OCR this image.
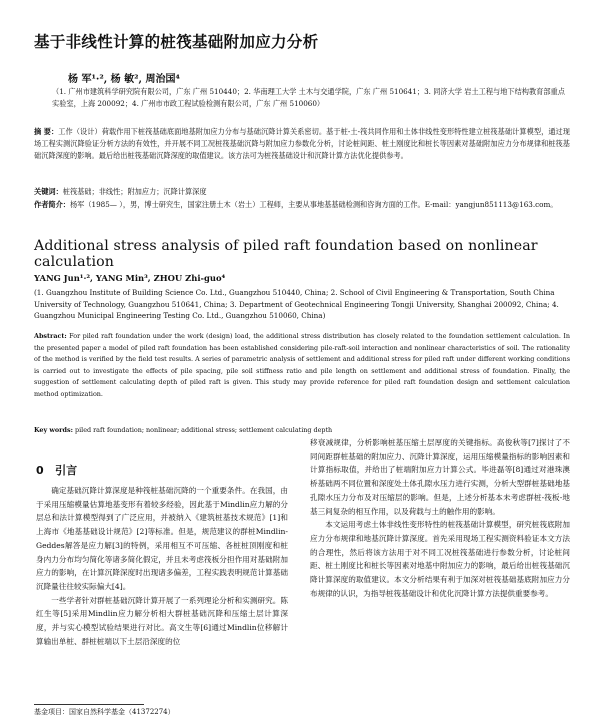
基于非线性计算的桩筏基础附加应力分析
杨 军¹·², 杨 敏², 周治国⁴
（1. 广州市建筑科学研究院有限公司，广东 广州 510440；2. 华南理工大学 土木与交通学院，广东 广州 510641；3. 同济大学 岩土工程与地下结构教育部重点实验室，上海 200092；4. 广州市市政工程试验检测有限公司，广东 广州 510060）
摘 要：工作（设计）荷载作用下桩筏基础底面地基附加应力分布与基础沉降计算关系密切。基于桩-土-筏共同作用和土体非线性变形特性建立桩筏基础计算模型，通过现场工程实测沉降验证分析方法的有效性，并开展不同工况桩筏基础沉降与附加应力参数化分析，讨论桩间距、桩土刚度比和桩长等因素对基础附加应力分布规律和桩筏基础沉降深度的影响。最后给出桩筏基础沉降深度的取值建议。该方法可为桩筏基础设计和沉降计算方法优化提供参考。
关键词：桩筏基础；非线性；附加应力；沉降计算深度
作者简介：杨军（1985— ），男，博士研究生，国家注册土木（岩土）工程师，主要从事地基基础检测和咨询方面的工作。E-mail：yangjun851113@163.com。
Additional stress analysis of piled raft foundation based on nonlinear calculation
YANG Jun¹·², YANG Min³, ZHOU Zhi-guo⁴
(1. Guangzhou Institute of Building Science Co. Ltd., Guangzhou 510440, China; 2. School of Civil Engineering & Transportation, South China University of Technology, Guangzhou 510641, China; 3. Department of Geotechnical Engineering Tongji University, Shanghai 200092, China; 4. Guangzhou Municipal Engineering Testing Co. Ltd., Guangzhou 510060, China)
Abstract: For piled raft foundation under the work (design) load, the additional stress distribution has closely related to the foundation settlement calculation. In the presented paper a model of piled raft foundation has been established considering pile-raft-soil interaction and nonlinear characteristics of soil. The rationality of the method is verified by the field test results. A series of parametric analysis of settlement and additional stress for piled raft under different working conditions is carried out to investigate the effects of pile spacing, pile soil stiffness ratio and pile length on settlement and additional stress of foundation. Finally, the suggestion of settlement calculating depth of piled raft is given. This study may provide reference for piled raft foundation design and settlement calculation method optimization.
Key words: piled raft foundation; nonlinear; additional stress; settlement calculating depth
0 引言

确定基础沉降计算深度是种筏桩基础沉降的一个重要条件。在我国，由于采用压缩模量估算地基变形有着较多经验，因此基于Mindlin应力解的分层总和法计算模型得到了广泛应用，并被纳入《建筑桩基技术规范》[1]和上海市《地基基础设计规范》[2]等标准。但是，规范建议的群桩Mindlin-Geddes解答是应力解[3]的特例，采用相互不可压缩、各桩桩顶刚度和桩身内力分布均匀简化等诸多简化假定，并且未考虑筏板分担作用对基础附加应力的影响，在计算沉降深度时出现诸多偏差，工程实践表明规范计算基础沉降量往往较实际偏大[4]。

一些学者针对群桩基础沉降计算开展了一系列理论分析和实测研究。陈红生等[5]采用Mindlin应力解分析相大群桩基础沉降和压缩土层计算深度，并与实心模型试验结果进行对比。高文生等[6]通过Mindlin位移解计算输出单桩、群桩桩端以下土层沿深度的位

移衰减规律，分析影响桩基压缩土层厚度的关键指标。高俊秋等[7]探讨了不同间距群桩基础的附加应力、沉降计算深度，运用压缩模量指标的影响因素和计算指标取值，并给出了桩端附加应力计算公式。毕进磊等[8]通过对港珠澳桥基础两不同位置和深度处土体孔隙水压力进行实测，分析大型群桩基础地基孔隙水压力分布及对压缩层的影响。但是，上述分析基本未考虑群桩-筏板-地基三间复杂的相互作用，以及荷载与土的触作用的影响。

本文运用考虑土体非线性变形特性的桩筏基础计算模型，研究桩筏底附加应力分布规律和地基沉降计算深度。首先采用现场工程实测资料验证本文方法的合理性，然后将该方法用于对不同工况桩筏基础进行参数分析，讨论桩间距、桩土刚度比和桩长等因素对地基中附加应力的影响，最后给出桩筏基础沉降计算深度的取值建议。本文分析结果有利于加深对桩筏基础基底附加应力分布规律的认识，为指导桩筏基础设计和优化沉降计算方法提供重要参考。

基金项目：国家自然科学基金（41372274）
